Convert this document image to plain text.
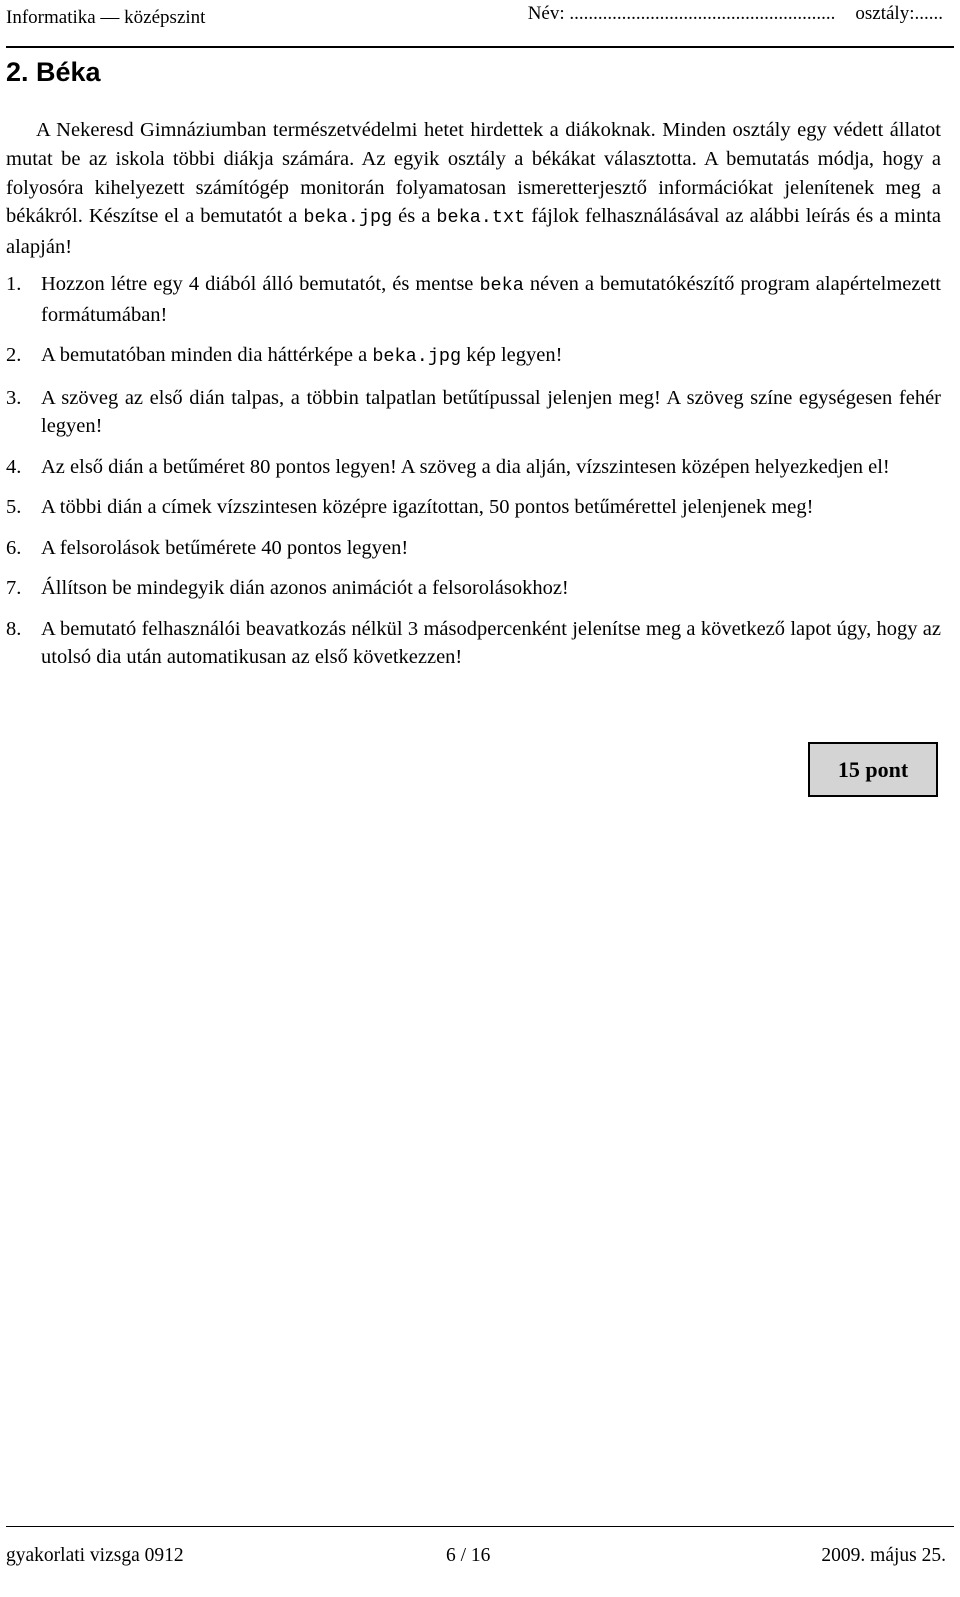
Informatika — középszint	Név: ........................................................ osztály:......
2. Béka

A Nekeresd Gimnáziumban természetvédelmi hetet hirdettek a diákoknak. Minden osztály egy védett állatot mutat be az iskola többi diákja számára. Az egyik osztály a békákat választotta. A bemutatás módja, hogy a folyosóra kihelyezett számítógép monitorán folyamatosan ismeretterjesztő információkat jelenítenek meg a békákról. Készítse el a bemutatót a beka.jpg és a beka.txt fájlok felhasználásával az alábbi leírás és a minta alapján!

1. Hozzon létre egy 4 diából álló bemutatót, és mentse beka néven a bemutatókészítő program alapértelmezett formátumában!
2. A bemutatóban minden dia háttérképe a beka.jpg kép legyen!
3. A szöveg az első dián talpas, a többin talpatlan betűtípussal jelenjen meg! A szöveg színe egységesen fehér legyen!
4. Az első dián a betűméret 80 pontos legyen! A szöveg a dia alján, vízszintesen középen helyezkedjen el!
5. A többi dián a címek vízszintesen középre igazítottan, 50 pontos betűmérettel jelenjenek meg!
6. A felsorolások betűmérete 40 pontos legyen!
7. Állítson be mindegyik dián azonos animációt a felsorolásokhoz!
8. A bemutató felhasználói beavatkozás nélkül 3 másodpercenként jelenítse meg a következő lapot úgy, hogy az utolsó dia után automatikusan az első következzen!
15 pont
gyakorlati vizsga 0912	6 / 16	2009. május 25.
